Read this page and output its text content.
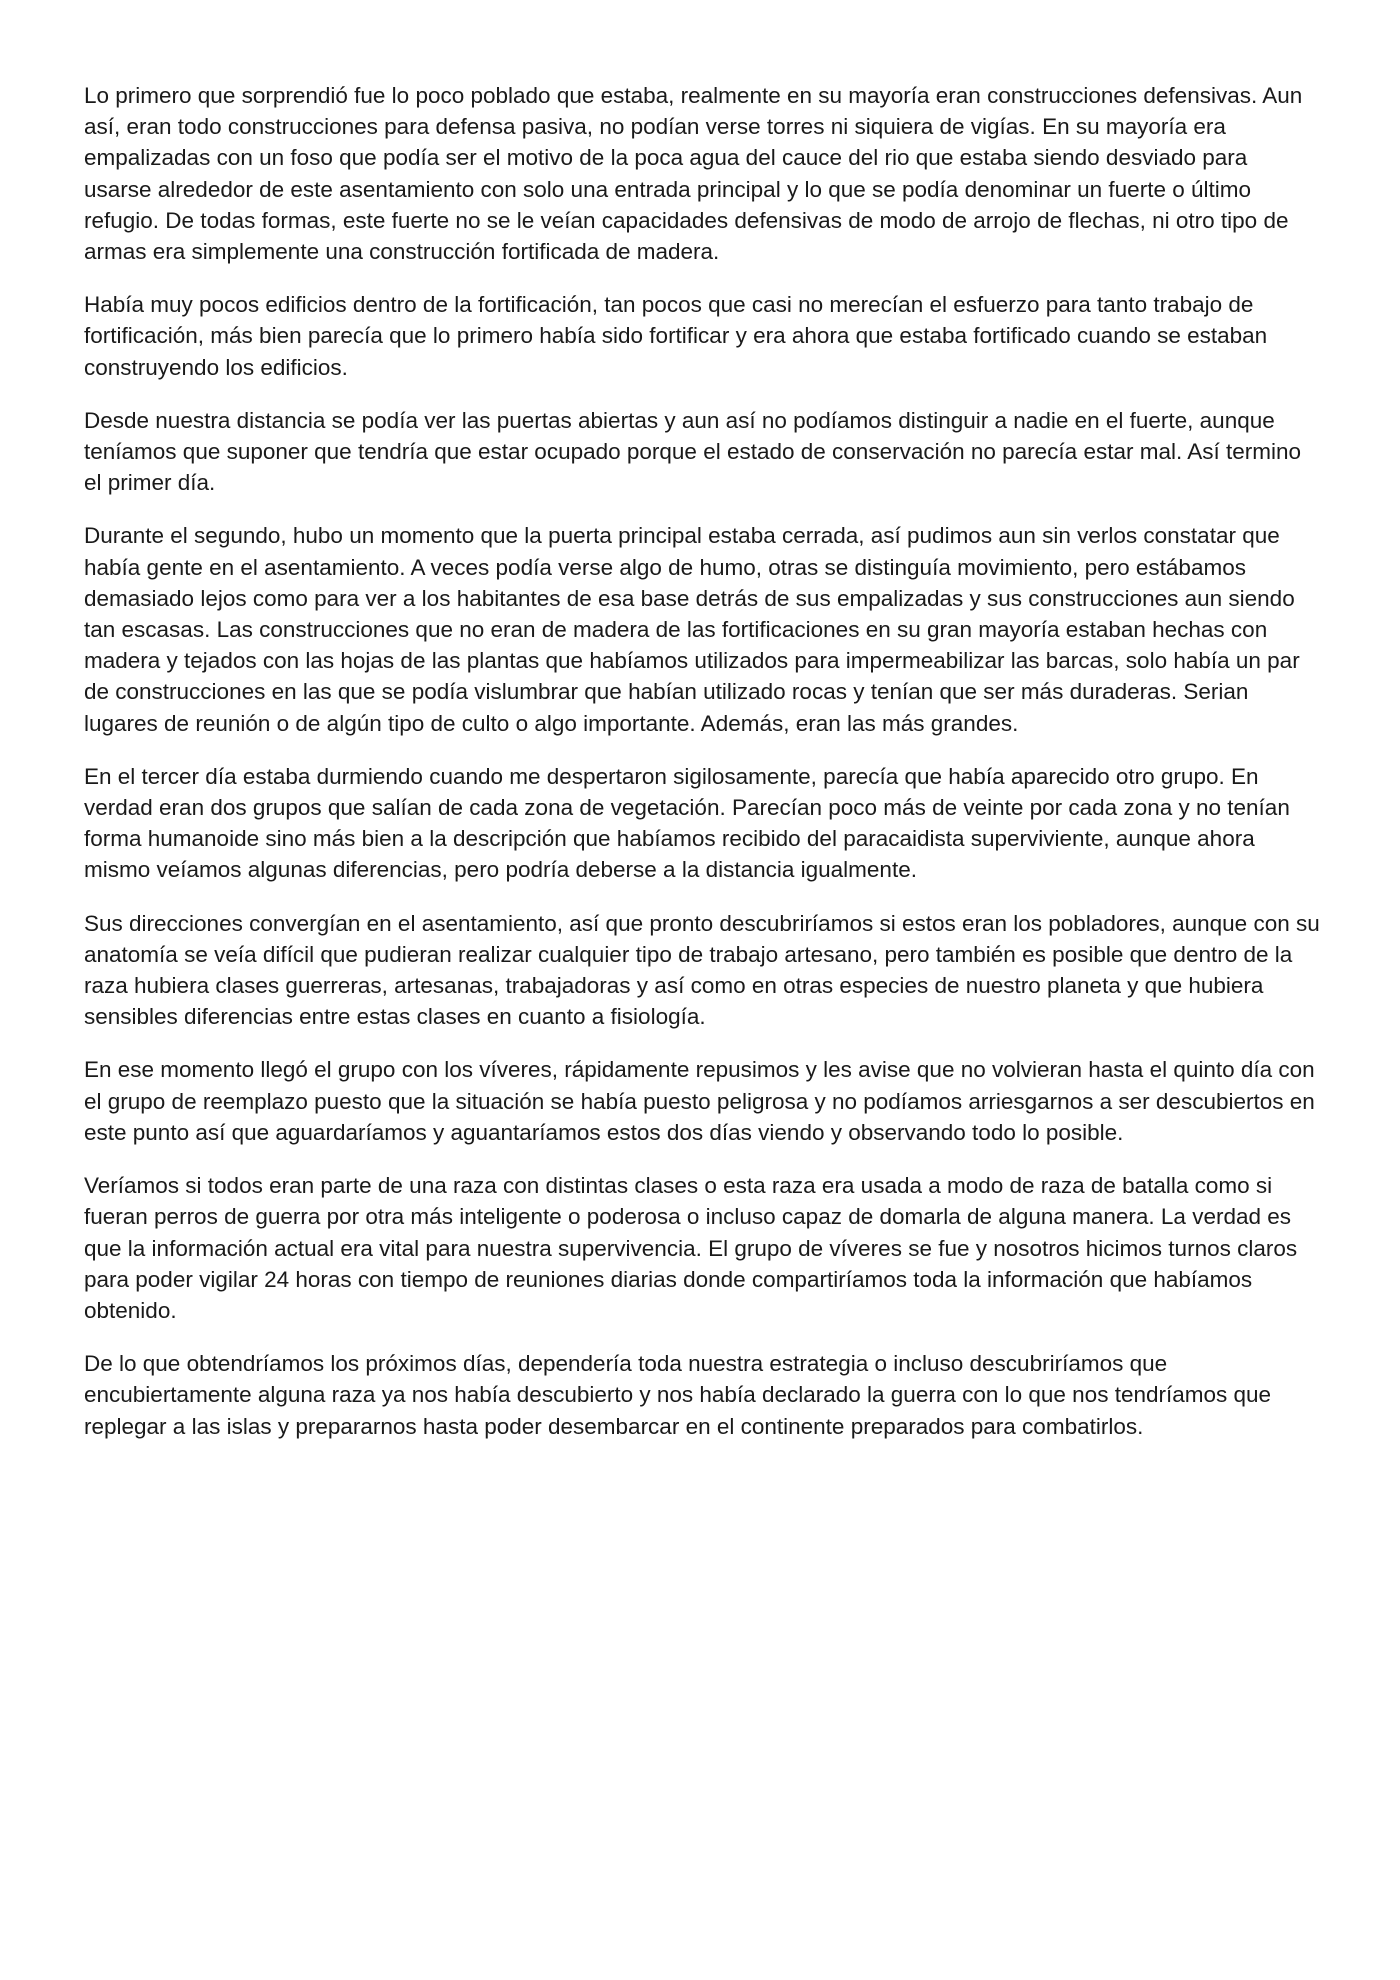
Lo primero que sorprendió fue lo poco poblado que estaba, realmente en su mayoría eran construcciones defensivas. Aun así, eran todo construcciones para defensa pasiva, no podían verse torres ni siquiera de vigías. En su mayoría era empalizadas con un foso que podía ser el motivo de la poca agua del cauce del rio que estaba siendo desviado para usarse alrededor de este asentamiento con solo una entrada principal y lo que se podía denominar un fuerte o último refugio. De todas formas, este fuerte no se le veían capacidades defensivas de modo de arrojo de flechas, ni otro tipo de armas era simplemente una construcción fortificada de madera.

Había muy pocos edificios dentro de la fortificación, tan pocos que casi no merecían el esfuerzo para tanto trabajo de fortificación, más bien parecía que lo primero había sido fortificar y era ahora que estaba fortificado cuando se estaban construyendo los edificios.

Desde nuestra distancia se podía ver las puertas abiertas y aun así no podíamos distinguir a nadie en el fuerte, aunque teníamos que suponer que tendría que estar ocupado porque el estado de conservación no parecía estar mal. Así termino el primer día.

Durante el segundo, hubo un momento que la puerta principal estaba cerrada, así pudimos aun sin verlos constatar que había gente en el asentamiento. A veces podía verse algo de humo, otras se distinguía movimiento, pero estábamos demasiado lejos como para ver a los habitantes de esa base detrás de sus empalizadas y sus construcciones aun siendo tan escasas. Las construcciones que no eran de madera de las fortificaciones en su gran mayoría estaban hechas con madera y tejados con las hojas de las plantas que habíamos utilizados para impermeabilizar las barcas, solo había un par de construcciones en las que se podía vislumbrar que habían utilizado rocas y tenían que ser más duraderas. Serian lugares de reunión o de algún tipo de culto o algo importante. Además, eran las más grandes.

En el tercer día estaba durmiendo cuando me despertaron sigilosamente, parecía que había aparecido otro grupo. En verdad eran dos grupos que salían de cada zona de vegetación. Parecían poco más de veinte por cada zona y no tenían forma humanoide sino más bien a la descripción que habíamos recibido del paracaidista superviviente, aunque ahora mismo veíamos algunas diferencias, pero podría deberse a la distancia igualmente.

Sus direcciones convergían en el asentamiento, así que pronto descubriríamos si estos eran los pobladores, aunque con su anatomía se veía difícil que pudieran realizar cualquier tipo de trabajo artesano, pero también es posible que dentro de la raza hubiera clases guerreras, artesanas, trabajadoras y así como en otras especies de nuestro planeta y que hubiera sensibles diferencias entre estas clases en cuanto a fisiología.

En ese momento llegó el grupo con los víveres, rápidamente repusimos y les avise que no volvieran hasta el quinto día con el grupo de reemplazo puesto que la situación se había puesto peligrosa y no podíamos arriesgarnos a ser descubiertos en este punto así que aguardaríamos y aguantaríamos estos dos días viendo y observando todo lo posible.

Veríamos si todos eran parte de una raza con distintas clases o esta raza era usada a modo de raza de batalla como si fueran perros de guerra por otra más inteligente o poderosa o incluso capaz de domarla de alguna manera. La verdad es que la información actual era vital para nuestra supervivencia. El grupo de víveres se fue y nosotros hicimos turnos claros para poder vigilar 24 horas con tiempo de reuniones diarias donde compartiríamos toda la información que habíamos obtenido.

De lo que obtendríamos los próximos días, dependería toda nuestra estrategia o incluso descubriríamos que encubiertamente alguna raza ya nos había descubierto y nos había declarado la guerra con lo que nos tendríamos que replegar a las islas y prepararnos hasta poder desembarcar en el continente preparados para combatirlos.
